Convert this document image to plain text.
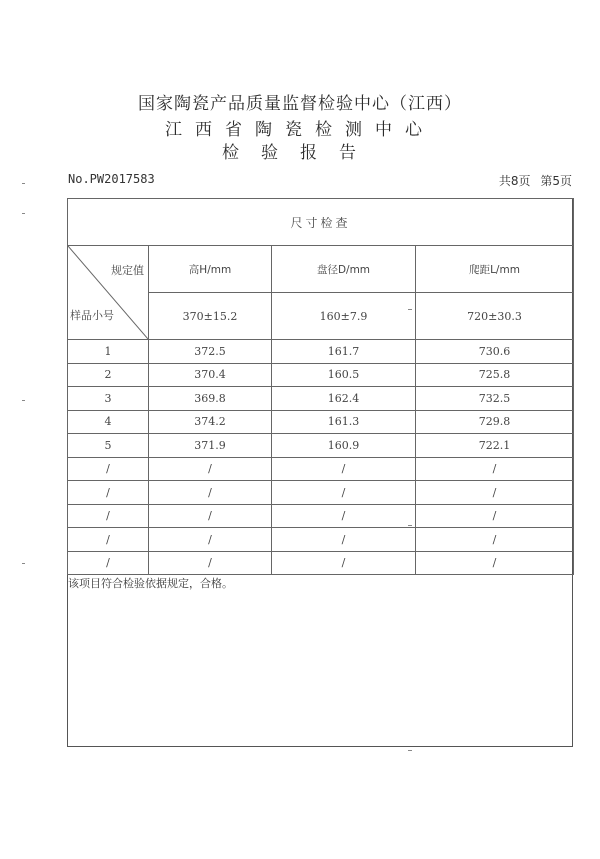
国家陶瓷产品质量监督检验中心（江西）
江西省陶瓷检测中心
检验报告
No.PW2017583	共8页 第5页
尺寸检查			

规定值
样品小号	高H/mm	盘径D/mm	爬距L/mm
	370±15.2	160±7.9	720±30.3
1	372.5	161.7	730.6
2	370.4	160.5	725.8
3	369.8	162.4	732.5
4	374.2	161.3	729.8
5	371.9	160.9	722.1
/	/	/	/
/	/	/	/
/	/	/	/
/	/	/	/
/	/	/	/
该项目符合检验依据规定，合格。
